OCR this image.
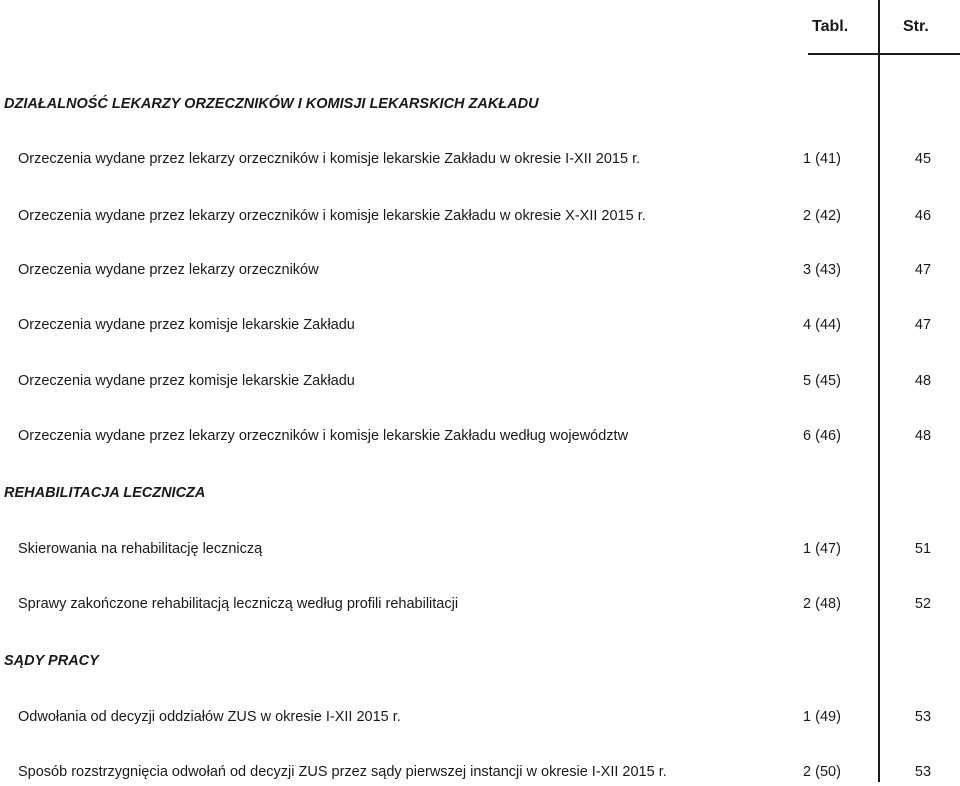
Tabl.	Str.
DZIAŁALNOŚĆ LEKARZY ORZECZNIKÓW I KOMISJI LEKARSKICH ZAKŁADU
Orzeczenia wydane przez lekarzy orzeczników i komisje lekarskie Zakładu w okresie I-XII 2015 r.	1 (41)	45
Orzeczenia wydane przez lekarzy orzeczników i komisje lekarskie Zakładu w okresie X-XII 2015 r.	2 (42)	46
Orzeczenia wydane przez lekarzy orzeczników	3 (43)	47
Orzeczenia wydane przez komisje lekarskie Zakładu	4 (44)	47
Orzeczenia wydane przez komisje lekarskie Zakładu	5 (45)	48
Orzeczenia wydane przez lekarzy orzeczników i komisje lekarskie Zakładu według województw	6 (46)	48
REHABILITACJA LECZNICZA
Skierowania na rehabilitację leczniczą	1 (47)	51
Sprawy zakończone rehabilitacją leczniczą według profili rehabilitacji	2 (48)	52
SĄDY PRACY
Odwołania od decyzji oddziałów ZUS w okresie I-XII 2015 r.	1 (49)	53
Sposób rozstrzygnięcia odwołań od decyzji ZUS przez sądy pierwszej instancji w okresie I-XII 2015 r.	2 (50)	53
